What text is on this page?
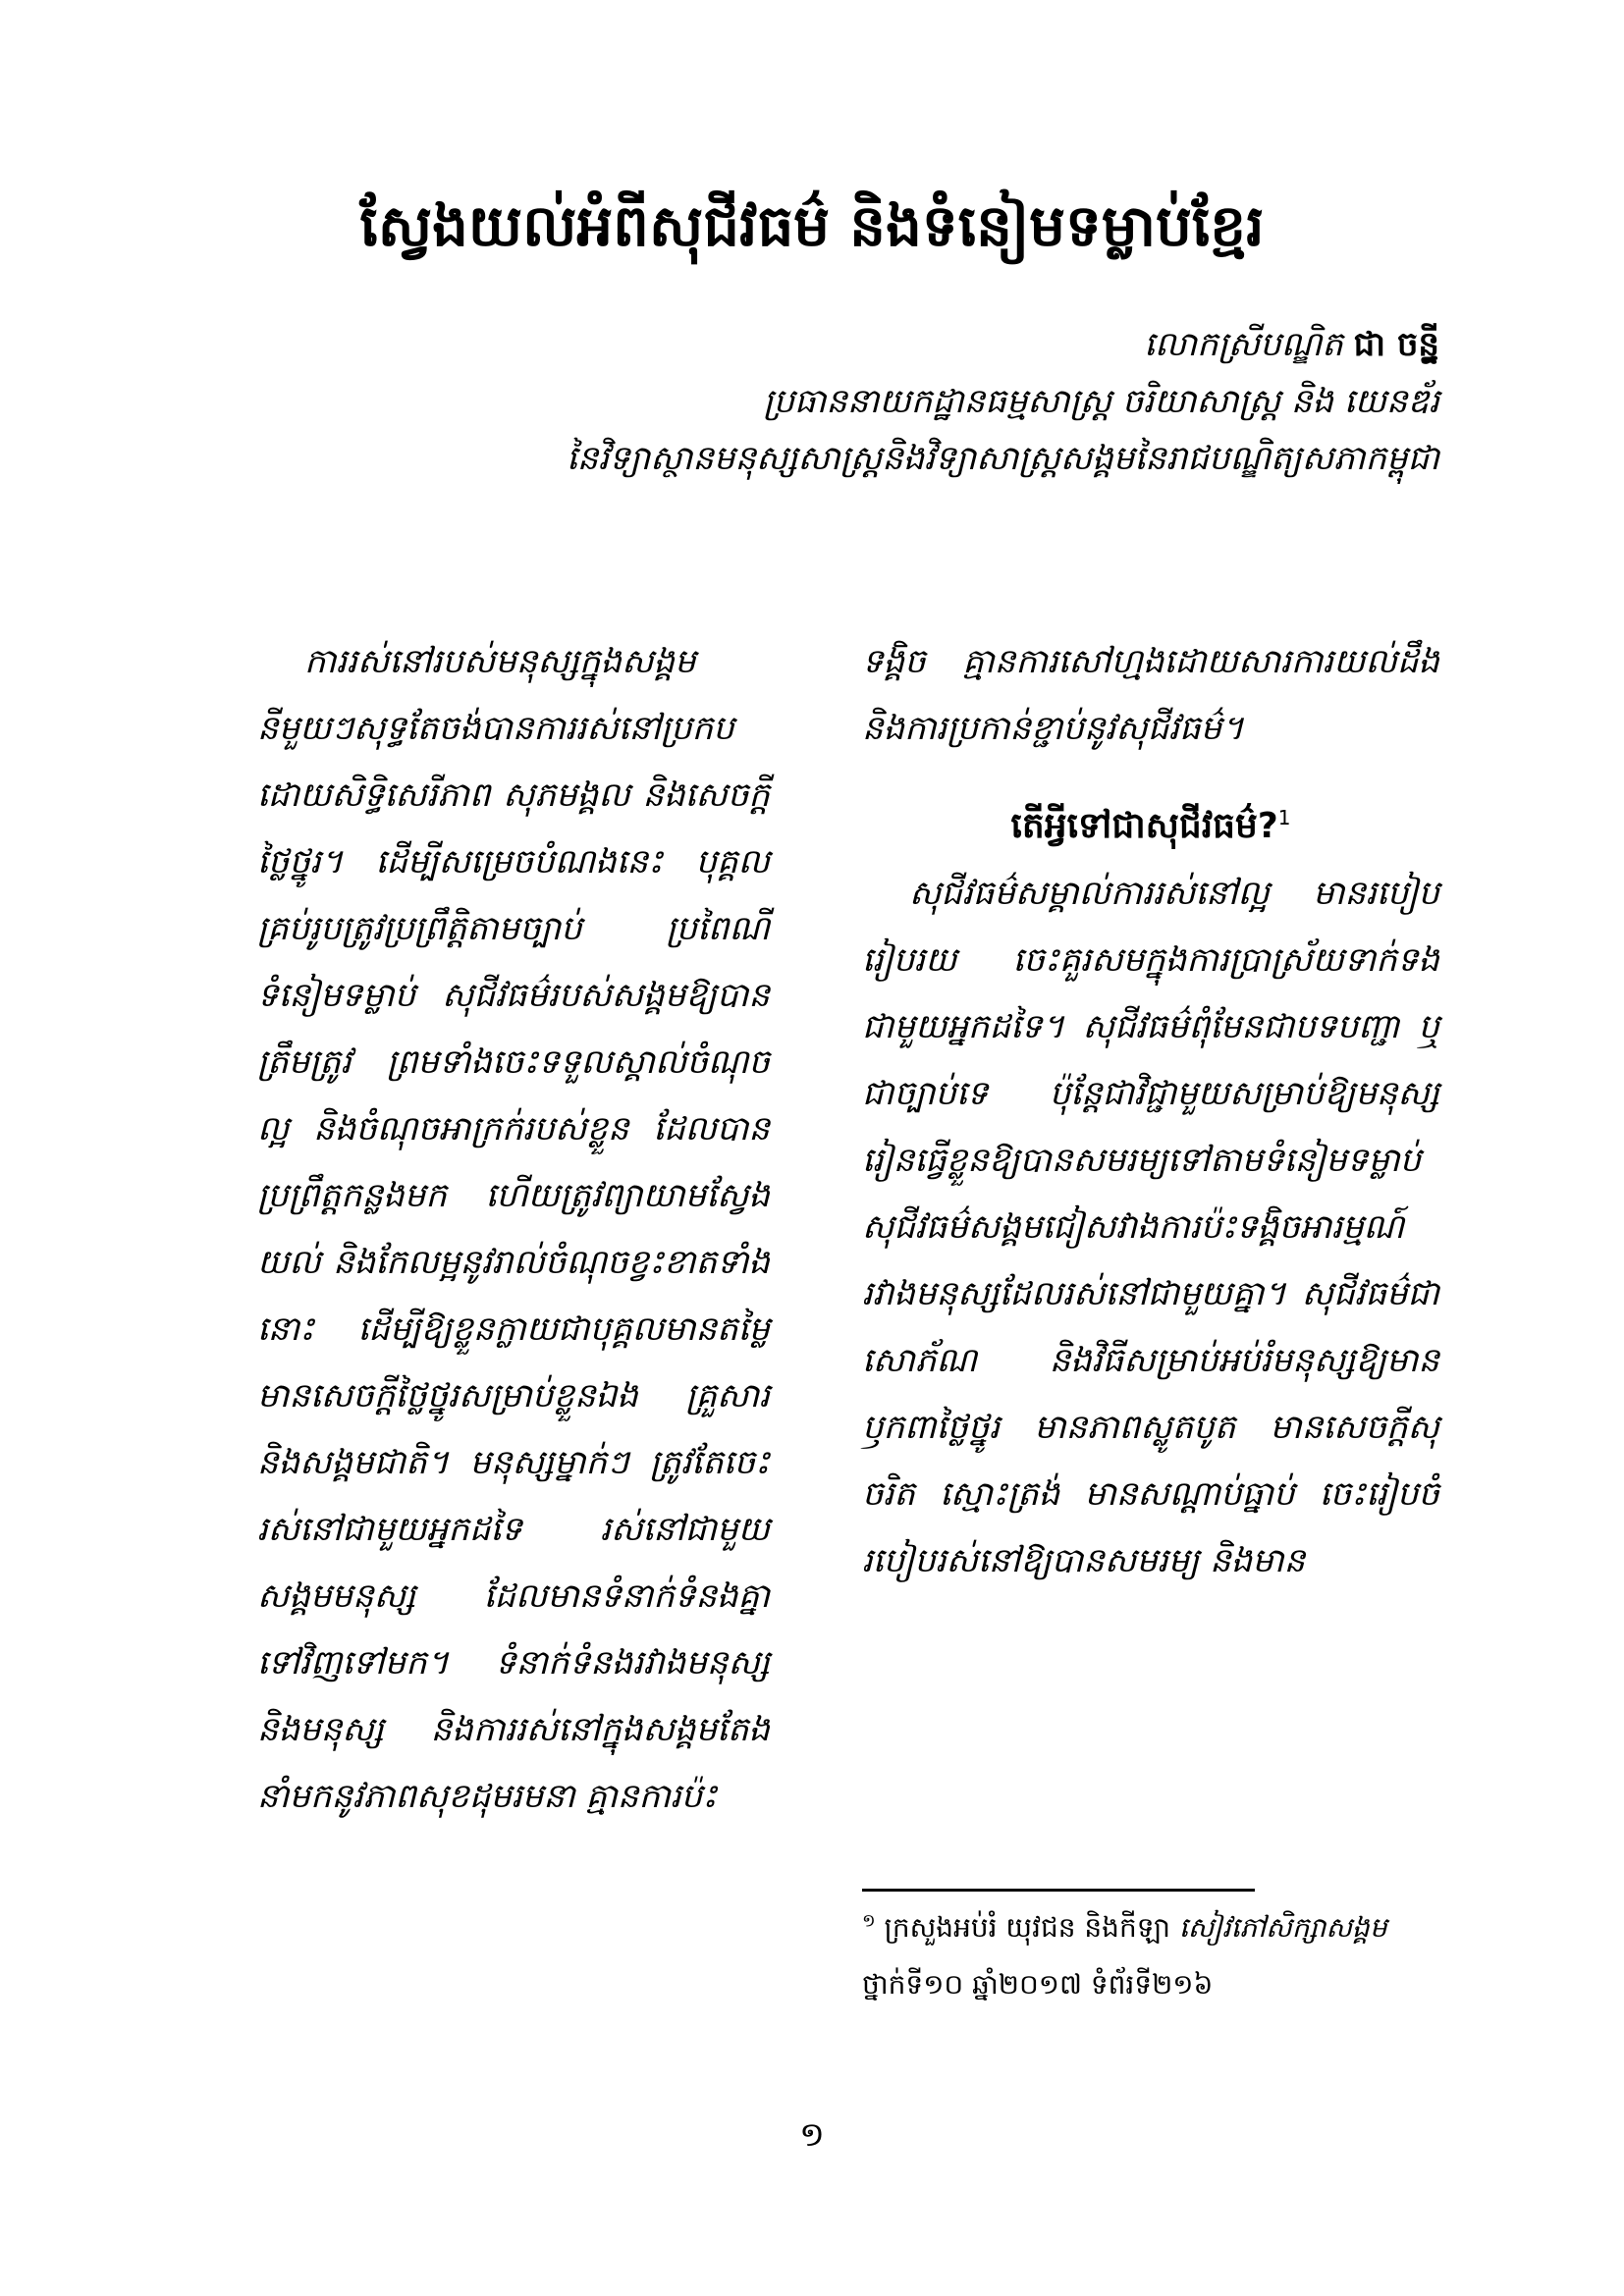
ស្វែងយល់អំពីសុជីវធម៌ និងទំនៀមទម្លាប់ខ្មែរ
លោកស្រីបណ្ឌិត ជា ចន្ធ្នី
ប្រធាននាយកដ្ឋានធម្មសាស្ត្រ ចរិយាសាស្ត្រ និង យេនឌ័រ
នៃវិទ្យាស្ថានមនុស្សសាស្ត្រនិងវិទ្យាសាស្ត្រសង្គមនៃរាជបណ្ឌិត្យសភាកម្ពុជា

ការរស់នៅរបស់មនុស្សក្នុងសង្គមនីមួយៗសុទ្ធតែចង់បានការរស់នៅប្រកបដោយសិទ្ធិសេរីភាព សុភមង្គល និងសេចក្ដីថ្លៃថ្នូរ។ ដើម្បីសម្រេចបំណងនេះ បុគ្គលគ្រប់រូបត្រូវប្រព្រឹត្តិតាមច្បាប់ ប្រពៃណី ទំនៀមទម្លាប់ សុជីវធម៌របស់សង្គមឱ្យបានត្រឹមត្រូវ ព្រមទាំងចេះទទួលស្គាល់ចំណុចល្អ និងចំណុចអាក្រក់របស់ខ្លួន ដែលបានប្រព្រឹត្តកន្លងមក ហើយត្រូវព្យាយាមស្វែងយល់ និងកែលម្អនូវរាល់ចំណុចខ្វះខាតទាំងនោះ ដើម្បីឱ្យខ្លួនក្លាយជាបុគ្គលមានតម្លៃ មានសេចក្ដីថ្លៃថ្នូរសម្រាប់ខ្លួនឯង គ្រួសារ និងសង្គមជាតិ។ មនុស្សម្នាក់ៗ ត្រូវតែចេះរស់នៅជាមួយអ្នកដទៃ រស់នៅជាមួយសង្គមមនុស្ស ដែលមានទំនាក់ទំនងគ្នាទៅវិញទៅមក។ ទំនាក់ទំនងរវាងមនុស្សនិងមនុស្ស និងការរស់នៅក្នុងសង្គមតែងនាំមកនូវភាពសុខដុមរមនា គ្មានការប៉ះ

ទង្គិច គ្មានការសៅហ្មងដោយសារការយល់ដឹង និងការប្រកាន់ខ្ជាប់នូវសុជីវធម៌។

តើអ្វីទៅជាសុជីវធម៌?$^1$

សុជីវធម៌សម្គាល់ការរស់នៅល្អ មានរបៀបរៀបរយ ចេះគួរសមក្នុងការប្រាស្រ័យទាក់ទងជាមួយអ្នកដទៃ។ សុជីវធម៌ពុំមែនជាបទបញ្ជា ឬជាច្បាប់ទេ ប៉ុន្តែជាវិជ្ជាមួយសម្រាប់ឱ្យមនុស្សរៀនធ្វើខ្លួនឱ្យបានសមរម្យទៅតាមទំនៀមទម្លាប់ សុជីវធម៌សង្គមជៀសវាងការប៉ះទង្គិចអារម្មណ៍រវាងមនុស្សដែលរស់នៅជាមួយគ្នា។ សុជីវធម៌ជាសោភ័ណ និងវិធីសម្រាប់អប់រំមនុស្សឱ្យមានឫកពាថ្លៃថ្នូរ មានភាពស្លូតបូត មានសេចក្តីសុចរិត ស្មោះត្រង់ មានសណ្ដាប់ធ្នាប់ ចេះរៀបចំរបៀបរស់នៅឱ្យបានសមរម្យ និងមាន

$^១$ ក្រសួងអប់រំ យុវជន និងកីឡា សៀវភៅសិក្សាសង្គម ថ្នាក់ទី១០ ឆ្នាំ២០១៧ ទំព័រទី២១៦
១
